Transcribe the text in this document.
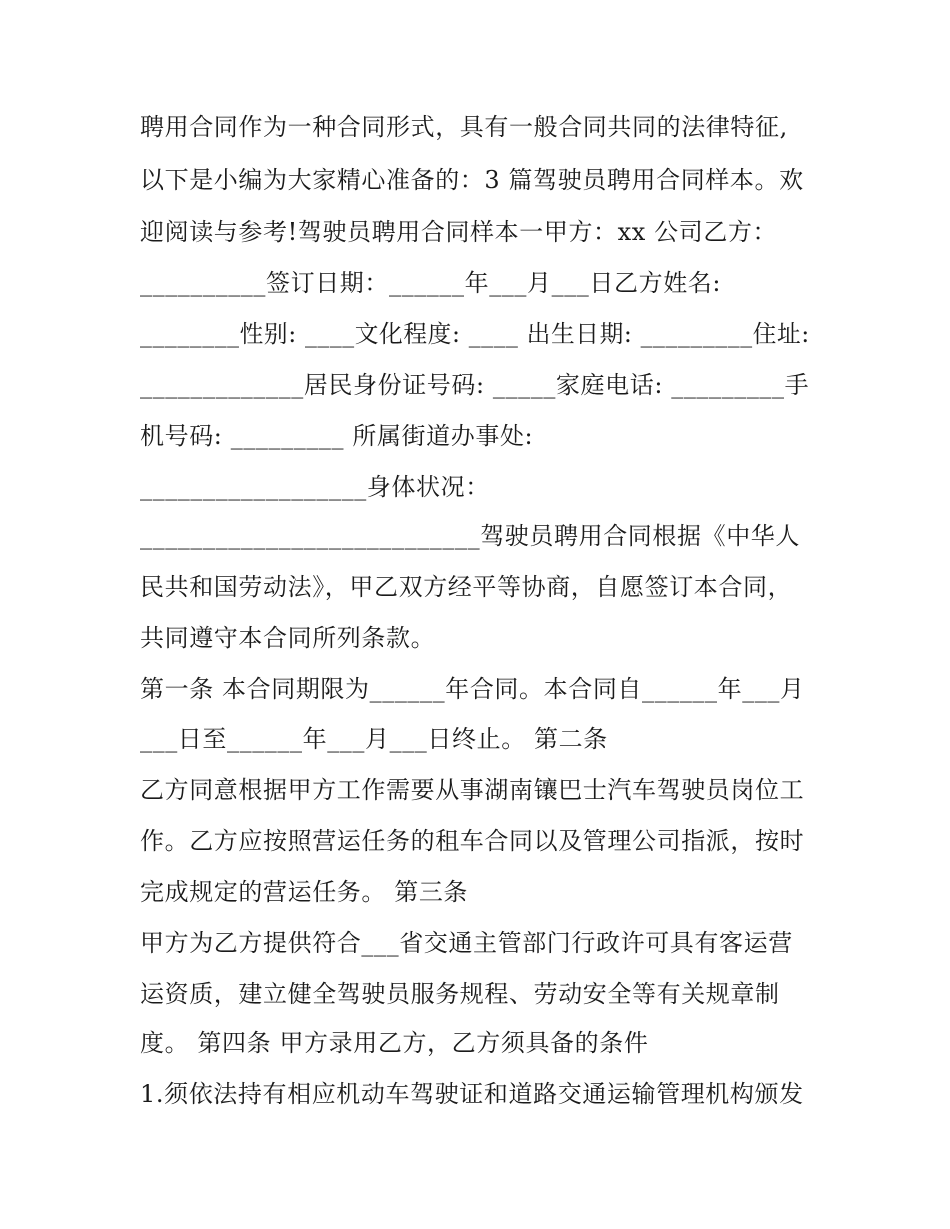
聘用合同作为一种合同形式，具有一般合同共同的法律特征,
以下是小编为大家精心准备的：3 篇驾驶员聘用合同样本。欢
迎阅读与参考!驾驶员聘用合同样本一甲方：xx 公司乙方：
__________签订日期：______年___月___日乙方姓名:
________性别: ____文化程度: ____ 出生日期: _________住址:
_____________居民身份证号码: _____家庭电话: _________手
机号码: _________ 所属街道办事处:
__________________身体状况：
___________________________驾驶员聘用合同根据《中华人
民共和国劳动法》，甲乙双方经平等协商，自愿签订本合同，
共同遵守本合同所列条款。
第一条 本合同期限为______年合同。本合同自______年___月
___日至______年___月___日终止。 第二条
乙方同意根据甲方工作需要从事湖南镶巴士汽车驾驶员岗位工
作。乙方应按照营运任务的租车合同以及管理公司指派，按时
完成规定的营运任务。 第三条
甲方为乙方提供符合___省交通主管部门行政许可具有客运营
运资质，建立健全驾驶员服务规程、劳动安全等有关规章制
度。 第四条 甲方录用乙方，乙方须具备的条件
1.须依法持有相应机动车驾驶证和道路交通运输管理机构颁发
